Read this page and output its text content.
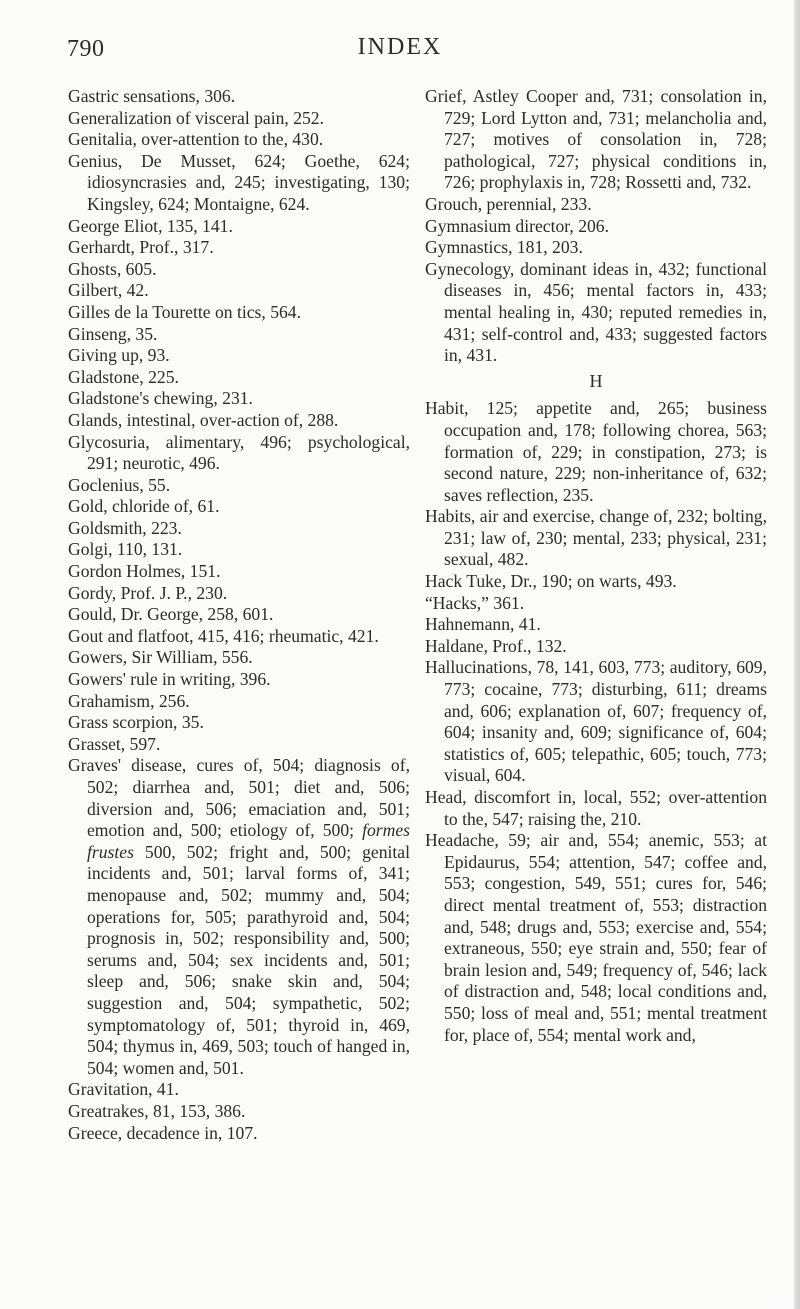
790	INDEX
Gastric sensations, 306.
Generalization of visceral pain, 252.
Genitalia, over-attention to the, 430.
Genius, De Musset, 624; Goethe, 624; idiosyncrasies and, 245; investigating, 130; Kingsley, 624; Montaigne, 624.
George Eliot, 135, 141.
Gerhardt, Prof., 317.
Ghosts, 605.
Gilbert, 42.
Gilles de la Tourette on tics, 564.
Ginseng, 35.
Giving up, 93.
Gladstone, 225.
Gladstone's chewing, 231.
Glands, intestinal, over-action of, 288.
Glycosuria, alimentary, 496; psychological, 291; neurotic, 496.
Goclenius, 55.
Gold, chloride of, 61.
Goldsmith, 223.
Golgi, 110, 131.
Gordon Holmes, 151.
Gordy, Prof. J. P., 230.
Gould, Dr. George, 258, 601.
Gout and flatfoot, 415, 416; rheumatic, 421.
Gowers, Sir William, 556.
Gowers' rule in writing, 396.
Grahamism, 256.
Grass scorpion, 35.
Grasset, 597.
Graves' disease, cures of, 504; diagnosis of, 502; diarrhea and, 501; diet and, 506; diversion and, 506; emaciation and, 501; emotion and, 500; etiology of, 500; formes frustes 500, 502; fright and, 500; genital incidents and, 501; larval forms of, 341; menopause and, 502; mummy and, 504; operations for, 505; parathyroid and, 504; prognosis in, 502; responsibility and, 500; serums and, 504; sex incidents and, 501; sleep and, 506; snake skin and, 504; suggestion and, 504; sympathetic, 502; symptomatology of, 501; thyroid in, 469, 504; thymus in, 469, 503; touch of hanged in, 504; women and, 501.
Gravitation, 41.
Greatrakes, 81, 153, 386.
Greece, decadence in, 107.
Grief, Astley Cooper and, 731; consolation in, 729; Lord Lytton and, 731; melancholia and, 727; motives of consolation in, 728; pathological, 727; physical conditions in, 726; prophylaxis in, 728; Rossetti and, 732.
Grouch, perennial, 233.
Gymnasium director, 206.
Gymnastics, 181, 203.
Gynecology, dominant ideas in, 432; functional diseases in, 456; mental factors in, 433; mental healing in, 430; reputed remedies in, 431; self-control and, 433; suggested factors in, 431.
H
Habit, 125; appetite and, 265; business occupation and, 178; following chorea, 563; formation of, 229; in constipation, 273; is second nature, 229; non-inheritance of, 632; saves reflection, 235.
Habits, air and exercise, change of, 232; bolting, 231; law of, 230; mental, 233; physical, 231; sexual, 482.
Hack Tuke, Dr., 190; on warts, 493.
“Hacks,” 361.
Hahnemann, 41.
Haldane, Prof., 132.
Hallucinations, 78, 141, 603, 773; auditory, 609, 773; cocaine, 773; disturbing, 611; dreams and, 606; explanation of, 607; frequency of, 604; insanity and, 609; significance of, 604; statistics of, 605; telepathic, 605; touch, 773; visual, 604.
Head, discomfort in, local, 552; over-attention to the, 547; raising the, 210.
Headache, 59; air and, 554; anemic, 553; at Epidaurus, 554; attention, 547; coffee and, 553; congestion, 549, 551; cures for, 546; direct mental treatment of, 553; distraction and, 548; drugs and, 553; exercise and, 554; extraneous, 550; eye strain and, 550; fear of brain lesion and, 549; frequency of, 546; lack of distraction and, 548; local conditions and, 550; loss of meal and, 551; mental treatment for, place of, 554; mental work and,
